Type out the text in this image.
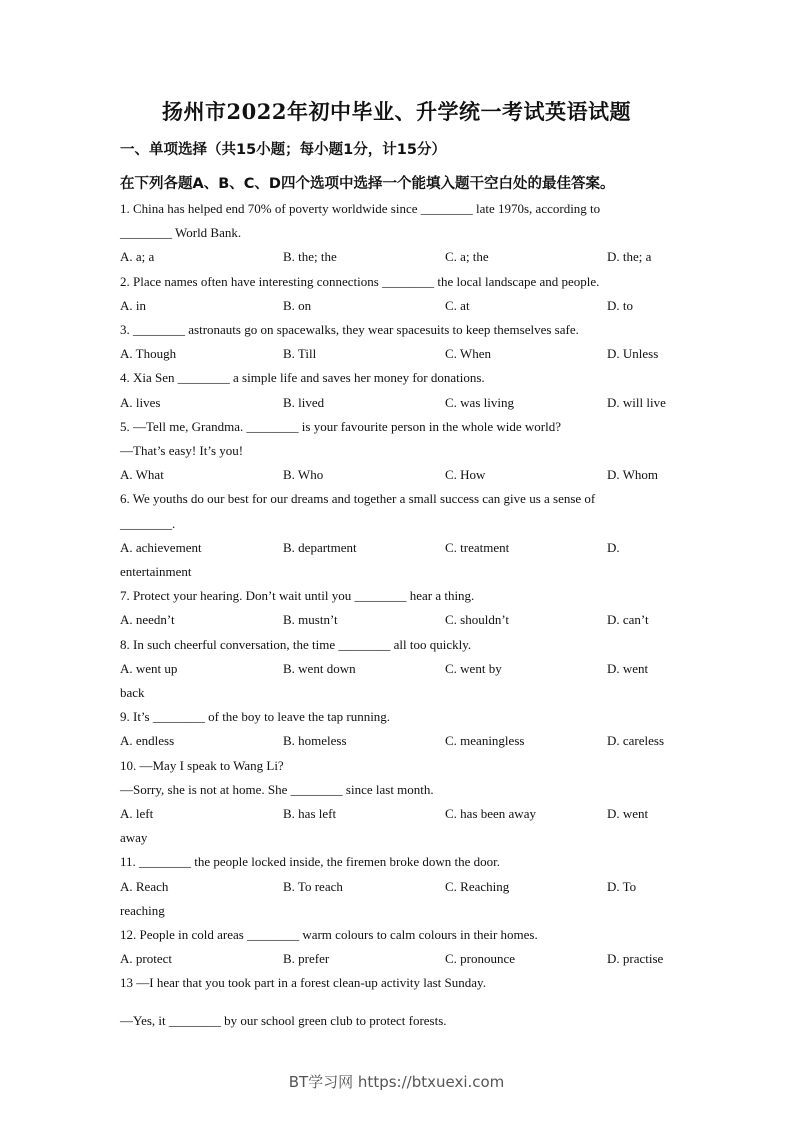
扬州市2022年初中毕业、升学统一考试英语试题
一、单项选择（共15小题；每小题1分，计15分）
在下列各题A、B、C、D四个选项中选择一个能填入题干空白处的最佳答案。
1. China has helped end 70% of poverty worldwide since ________ late 1970s, according to
________ World Bank.
A. a; a	B. the; the	C. a; the	D. the; a
2. Place names often have interesting connections ________ the local landscape and people.
A. in	B. on	C. at	D. to
3. ________ astronauts go on spacewalks, they wear spacesuits to keep themselves safe.
A. Though	B. Till	C. When	D. Unless
4. Xia Sen ________ a simple life and saves her money for donations.
A. lives	B. lived	C. was living	D. will live
5. —Tell me, Grandma. ________ is your favourite person in the whole wide world?
—That’s easy! It’s you!
A. What	B. Who	C. How	D. Whom
6. We youths do our best for our dreams and together a small success can give us a sense of
________.
A. achievement	B. department	C. treatment	D.
entertainment
7. Protect your hearing. Don’t wait until you ________ hear a thing.
A. needn’t	B. mustn’t	C. shouldn’t	D. can’t
8. In such cheerful conversation, the time ________ all too quickly.
A. went up	B. went down	C. went by	D. went
back
9. It’s ________ of the boy to leave the tap running.
A. endless	B. homeless	C. meaningless	D. careless
10. —May I speak to Wang Li?
—Sorry, she is not at home. She ________ since last month.
A. left	B. has left	C. has been away	D. went
away
11. ________ the people locked inside, the firemen broke down the door.
A. Reach	B. To reach	C. Reaching	D. To
reaching
12. People in cold areas ________ warm colours to calm colours in their homes.
A. protect	B. prefer	C. pronounce	D. practise
13 —I hear that you took part in a forest clean-up activity last Sunday.
—Yes, it ________ by our school green club to protect forests.
BT学习网 https://btxuexi.com
